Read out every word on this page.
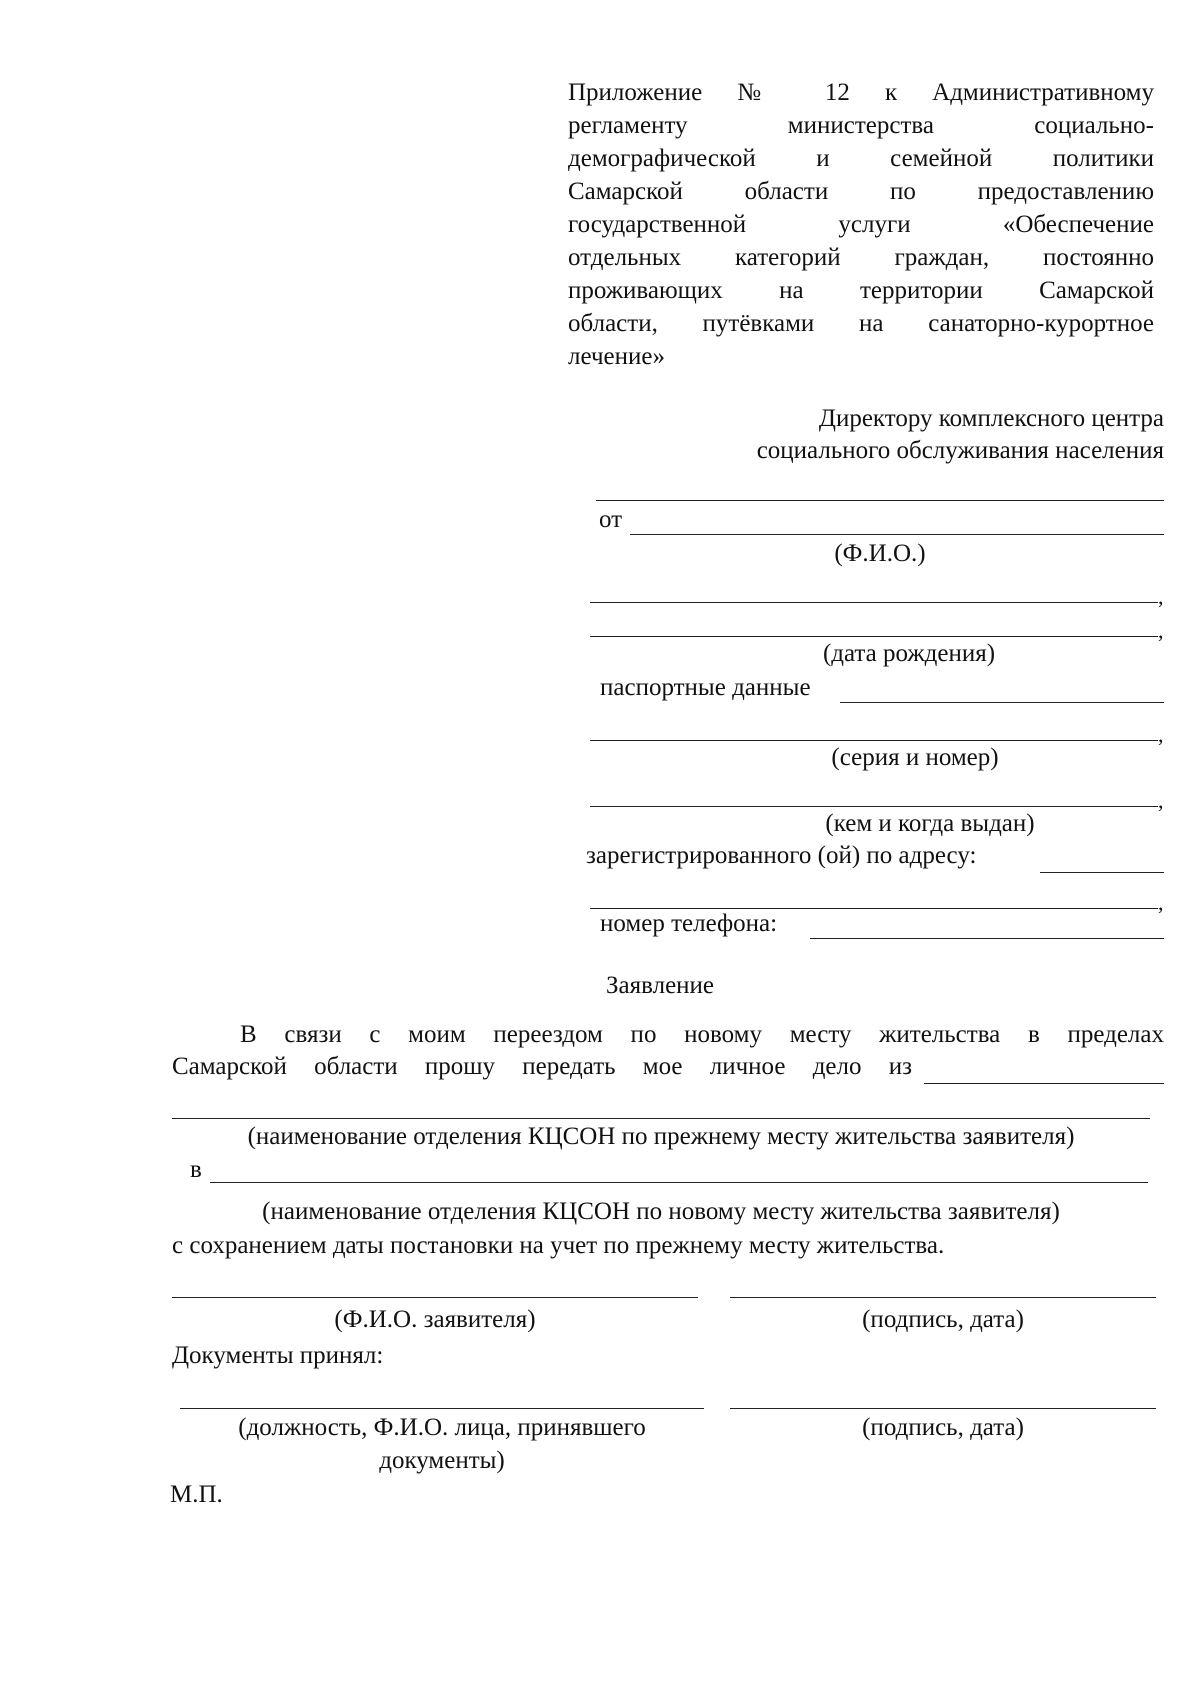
Приложение № 12 к Административному
регламенту министерства социально-
демографической и семейной политики
Самарской области по предоставлению
государственной услуги «Обеспечение
отдельных категорий граждан, постоянно
проживающих на территории Самарской
области, путёвками на санаторно-курортное
лечение»
Директору комплексного центра
социального обслуживания населения
от
(Ф.И.О.)
,
,
(дата рождения)
паспортные данные
,
(серия и номер)
,
(кем и когда выдан)
зарегистрированного (ой) по адресу:
,
номер телефона:
Заявление
В связи с моим переездом по новому месту жительства в пределах
Самарской области прошу передать мое личное дело из
(наименование отделения КЦСОН по прежнему месту жительства заявителя)
в
(наименование отделения КЦСОН по новому месту жительства заявителя)
с сохранением даты постановки на учет по прежнему месту жительства.
(Ф.И.О. заявителя)	(подпись, дата)
Документы принял:
(должность, Ф.И.О. лица, принявшего
документы)
(подпись, дата)
М.П.
